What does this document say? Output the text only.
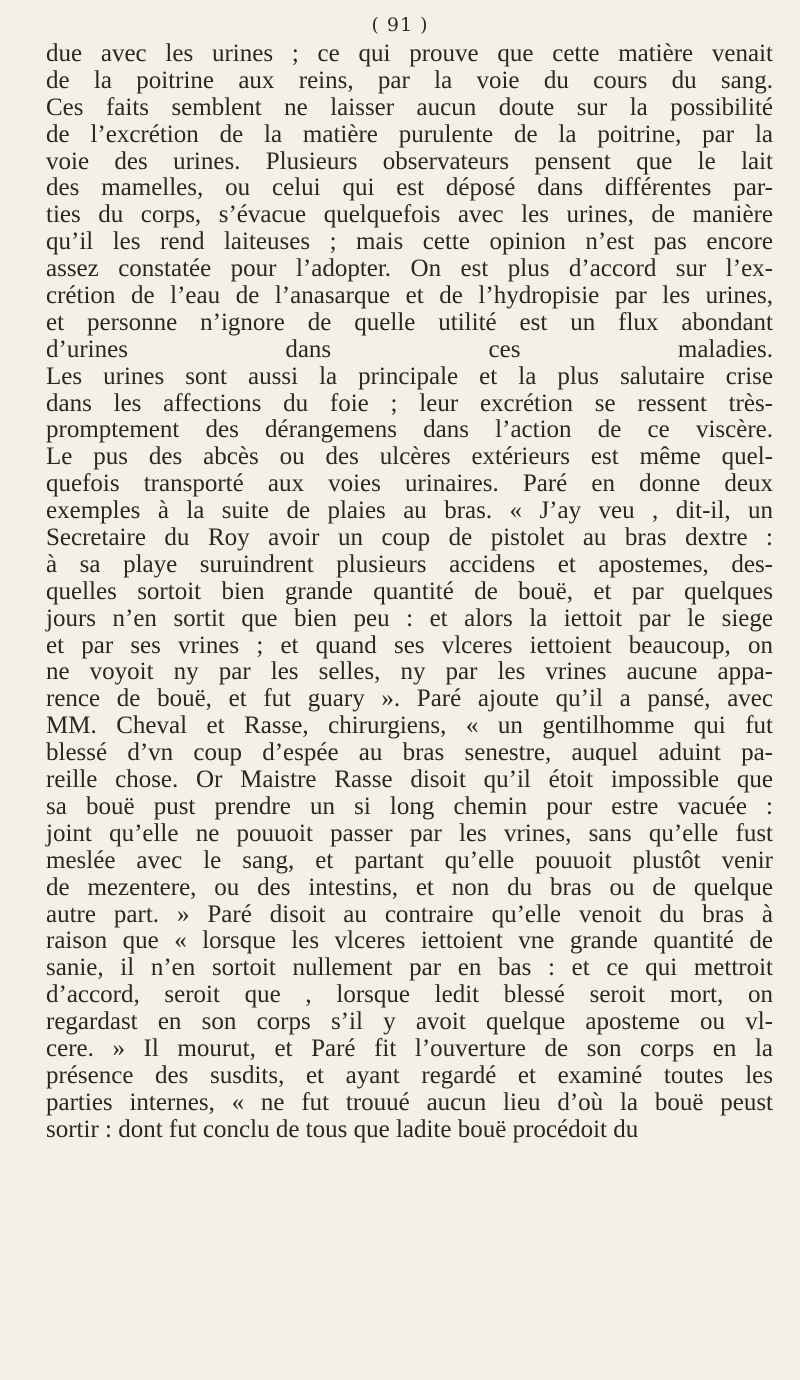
( 91 )
due avec les urines ; ce qui prouve que cette matière venait
de la poitrine aux reins, par la voie du cours du sang.
Ces faits semblent ne laisser aucun doute sur la possibilité
de l’excrétion de la matière purulente de la poitrine, par la
voie des urines. Plusieurs observateurs pensent que le lait
des mamelles, ou celui qui est déposé dans différentes par-
ties du corps, s’évacue quelquefois avec les urines, de manière
qu’il les rend laiteuses ; mais cette opinion n’est pas encore
assez constatée pour l’adopter. On est plus d’accord sur l’ex-
crétion de l’eau de l’anasarque et de l’hydropisie par les urines,
et personne n’ignore de quelle utilité est un flux abondant
d’urines dans ces maladies.
Les urines sont aussi la principale et la plus salutaire crise
dans les affections du foie ; leur excrétion se ressent très-
promptement des dérangemens dans l’action de ce viscère.
Le pus des abcès ou des ulcères extérieurs est même quel-
quefois transporté aux voies urinaires. Paré en donne deux
exemples à la suite de plaies au bras. « J’ay veu , dit-il, un
Secretaire du Roy avoir un coup de pistolet au bras dextre :
à sa playe suruindrent plusieurs accidens et apostemes, des-
quelles sortoit bien grande quantité de bouë, et par quelques
jours n’en sortit que bien peu : et alors la iettoit par le siege
et par ses vrines ; et quand ses vlceres iettoient beaucoup, on
ne voyoit ny par les selles, ny par les vrines aucune appa-
rence de bouë, et fut guary ». Paré ajoute qu’il a pansé, avec
MM. Cheval et Rasse, chirurgiens, « un gentilhomme qui fut
blessé d’vn coup d’espée au bras senestre, auquel aduint pa-
reille chose. Or Maistre Rasse disoit qu’il étoit impossible que
sa bouë pust prendre un si long chemin pour estre vacuée :
joint qu’elle ne pouuoit passer par les vrines, sans qu’elle fust
meslée avec le sang, et partant qu’elle pouuoit plustôt venir
de mezentere, ou des intestins, et non du bras ou de quelque
autre part. » Paré disoit au contraire qu’elle venoit du bras à
raison que « lorsque les vlceres iettoient vne grande quantité de
sanie, il n’en sortoit nullement par en bas : et ce qui mettroit
d’accord, seroit que , lorsque ledit blessé seroit mort, on
regardast en son corps s’il y avoit quelque aposteme ou vl-
cere. » Il mourut, et Paré fit l’ouverture de son corps en la
présence des susdits, et ayant regardé et examiné toutes les
parties internes, « ne fut trouué aucun lieu d’où la bouë peust
sortir : dont fut conclu de tous que ladite bouë procédoit du
